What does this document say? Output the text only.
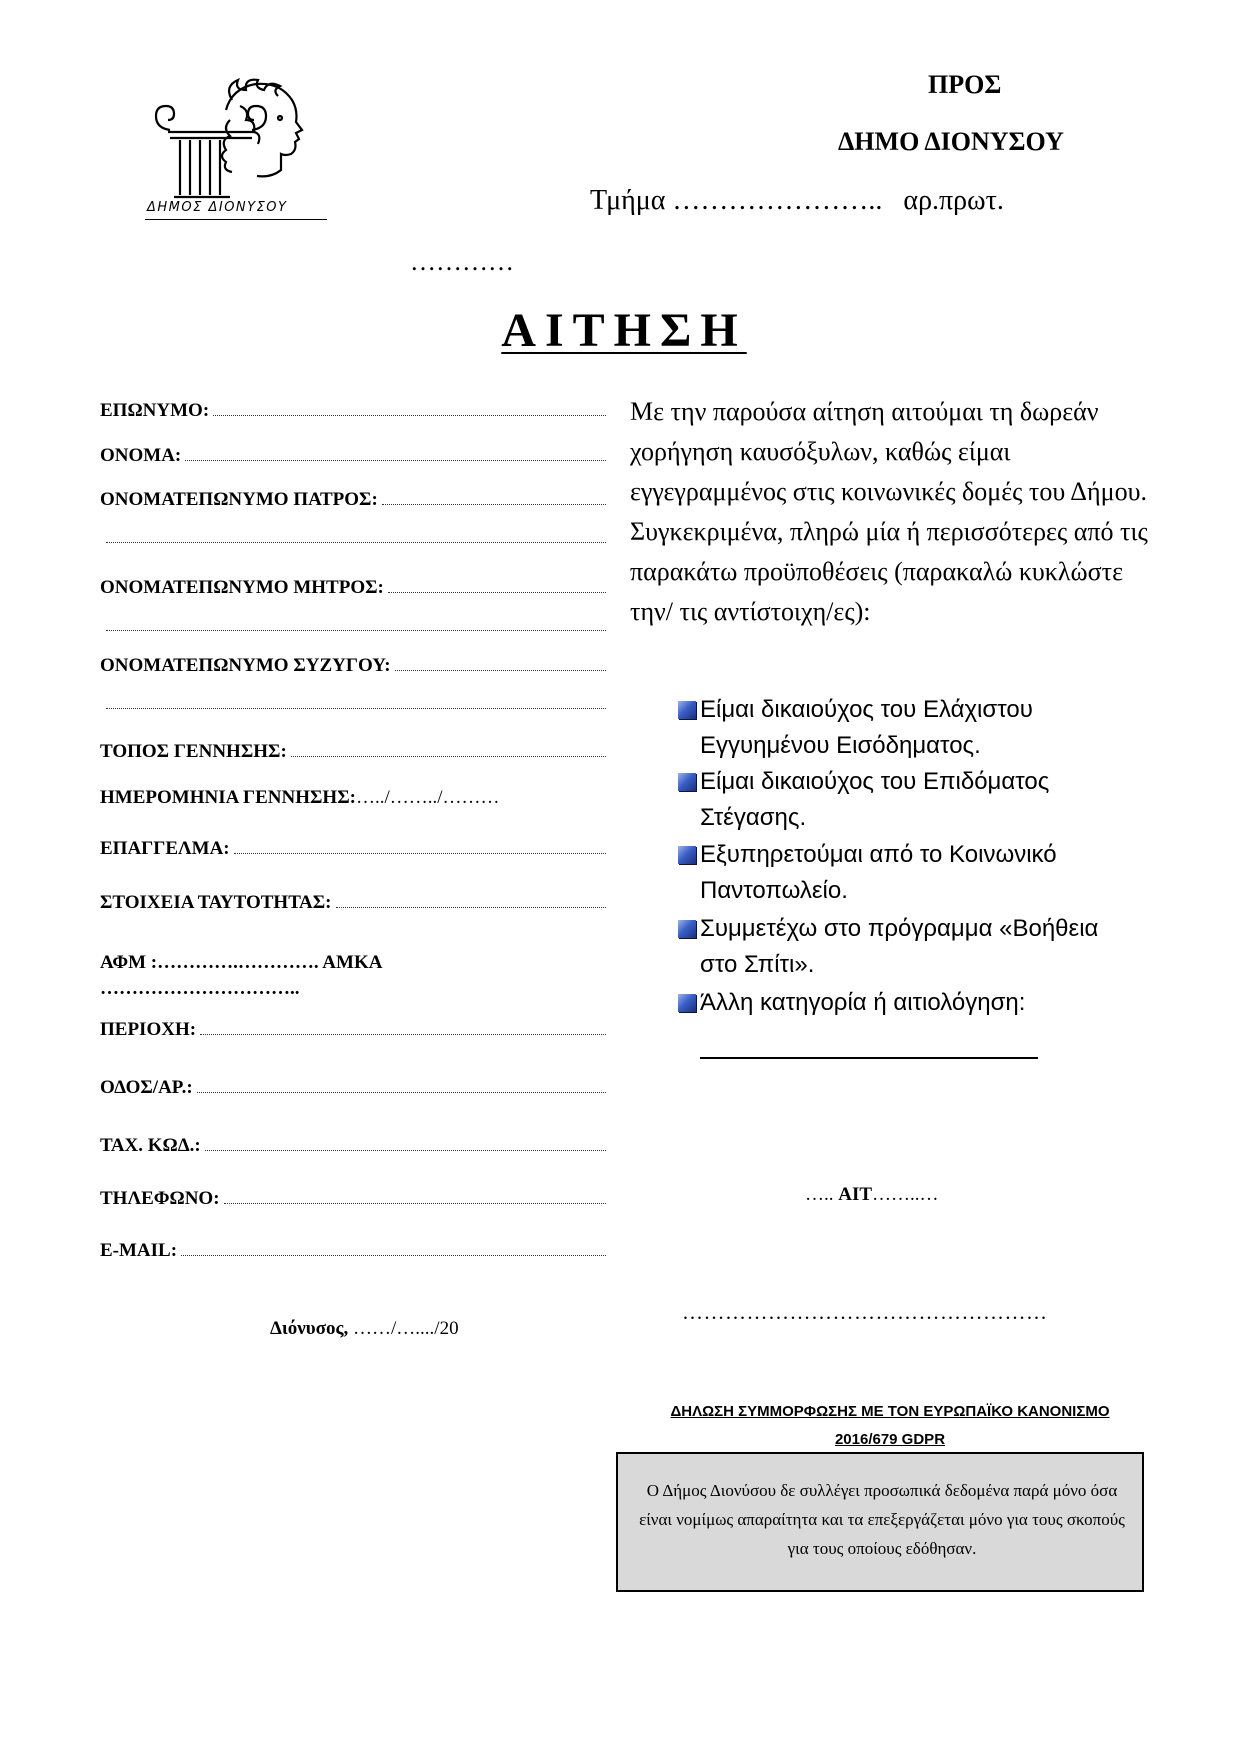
ΔΗΜΟΣ ΔΙΟΝΥΣΟΥ
ΠΡΟΣ
ΔΗΜΟ ΔΙΟΝΥΣΟΥ
Τμήμα …………………..   αρ.πρωτ.
…………
ΑΙΤΗΣΗ
ΕΠΩΝΥΜΟ:
ΟΝΟΜΑ:
ΟΝΟΜΑΤΕΠΩΝΥΜΟ ΠΑΤΡΟΣ:
ΟΝΟΜΑΤΕΠΩΝΥΜΟ ΜΗΤΡΟΣ:
ΟΝΟΜΑΤΕΠΩΝΥΜΟ ΣΥΖΥΓΟΥ:
ΤΟΠΟΣ ΓΕΝΝΗΣΗΣ:
ΗΜΕΡΟΜΗΝΙΑ ΓΕΝΝΗΣΗΣ:…../……../………
ΕΠΑΓΓΕΛΜΑ:
ΣΤΟΙΧΕΙΑ ΤΑΥΤΟΤΗΤΑΣ:
ΑΦΜ :………….…………. ΑΜΚΑ
…………………………..
ΠΕΡΙΟΧΗ:
ΟΔΟΣ/ΑΡ.:
ΤΑΧ. ΚΩΔ.:
ΤΗΛΕΦΩΝΟ:
E-MAIL:
Διόνυσος, ……/…..../20
Με την παρούσα αίτηση αιτούμαι τη δωρεάν χορήγηση καυσόξυλων, καθώς είμαι εγγεγραμμένος στις κοινωνικές δομές του Δήμου. Συγκεκριμένα, πληρώ μία ή περισσότερες από τις παρακάτω προϋποθέσεις (παρακαλώ κυκλώστε την/ τις αντίστοιχη/ες):
Είμαι δικαιούχος του Ελάχιστου
Εγγυημένου Εισόδηματος.
Είμαι δικαιούχος του Επιδόματος
Στέγασης.
Εξυπηρετούμαι από το Κοινωνικό
Παντοπωλείο.
Συμμετέχω στο πρόγραμμα «Βοήθεια
στο Σπίτι».
Άλλη κατηγορία ή αιτιολόγηση:
….. ΑΙΤ……..…
……………………………………………
ΔΗΛΩΣΗ ΣΥΜΜΟΡΦΩΣΗΣ ΜΕ ΤΟΝ ΕΥΡΩΠΑΪΚΟ ΚΑΝΟΝΙΣΜΟ
2016/679 GDPR
Ο Δήμος Διονύσου δε συλλέγει προσωπικά δεδομένα παρά μόνο όσα είναι νομίμως απαραίτητα και τα επεξεργάζεται μόνο για τους σκοπούς για τους οποίους εδόθησαν.
